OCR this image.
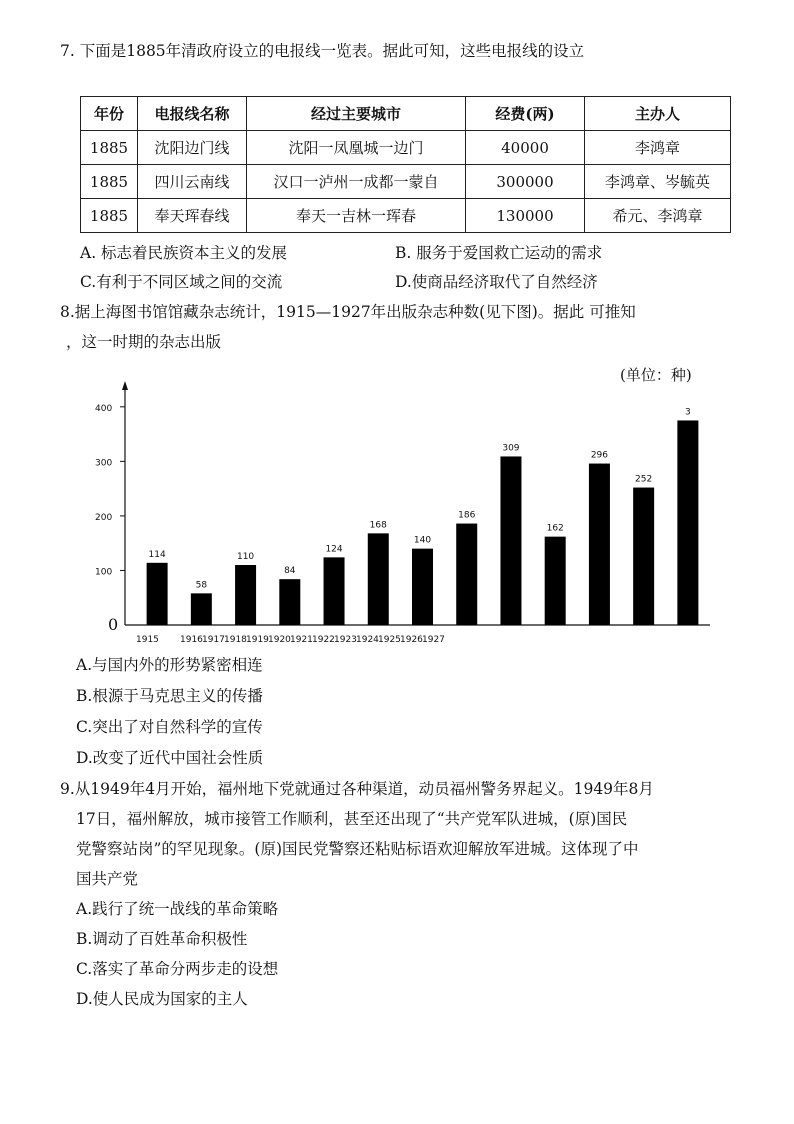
7. 下面是1885年清政府设立的电报线一览表。据此可知，这些电报线的设立
年份	电报线名称	经过主要城市	经费(两)	主办人
1885	沈阳边门线	沈阳一凤凰城一边门	40000	李鸿章
1885	四川云南线	汉口一泸州一成都一蒙自	300000	李鸿章、岑毓英
1885	奉天珲春线	奉天一吉林一珲春	130000	希元、李鸿章
A. 标志着民族资本主义的发展	B. 服务于爱国救亡运动的需求
C.有利于不同区域之间的交流	D.使商品经济取代了自然经济
8.据上海图书馆馆藏杂志统计，1915—1927年出版杂志种数(见下图)。据此 可推知
，这一时期的杂志出版
(单位：种)
0
100
200
300
400
114
58
110
84
124
168
140
186
309
162
296
252
3
1915 1916 1917 1918 1919 1920 1921 1922 1923 1924 1925 1926 1927
A.与国内外的形势紧密相连
B.根源于马克思主义的传播
C.突出了对自然科学的宣传
D.改变了近代中国社会性质
9.从1949年4月开始，福州地下党就通过各种渠道，动员福州警务界起义。1949年8月
17日，福州解放，城市接管工作顺利，甚至还出现了“共产党军队进城，(原)国民
党警察站岗”的罕见现象。(原)国民党警察还粘贴标语欢迎解放军进城。这体现了中
国共产党
A.践行了统一战线的革命策略
B.调动了百姓革命积极性
C.落实了革命分两步走的设想
D.使人民成为国家的主人
